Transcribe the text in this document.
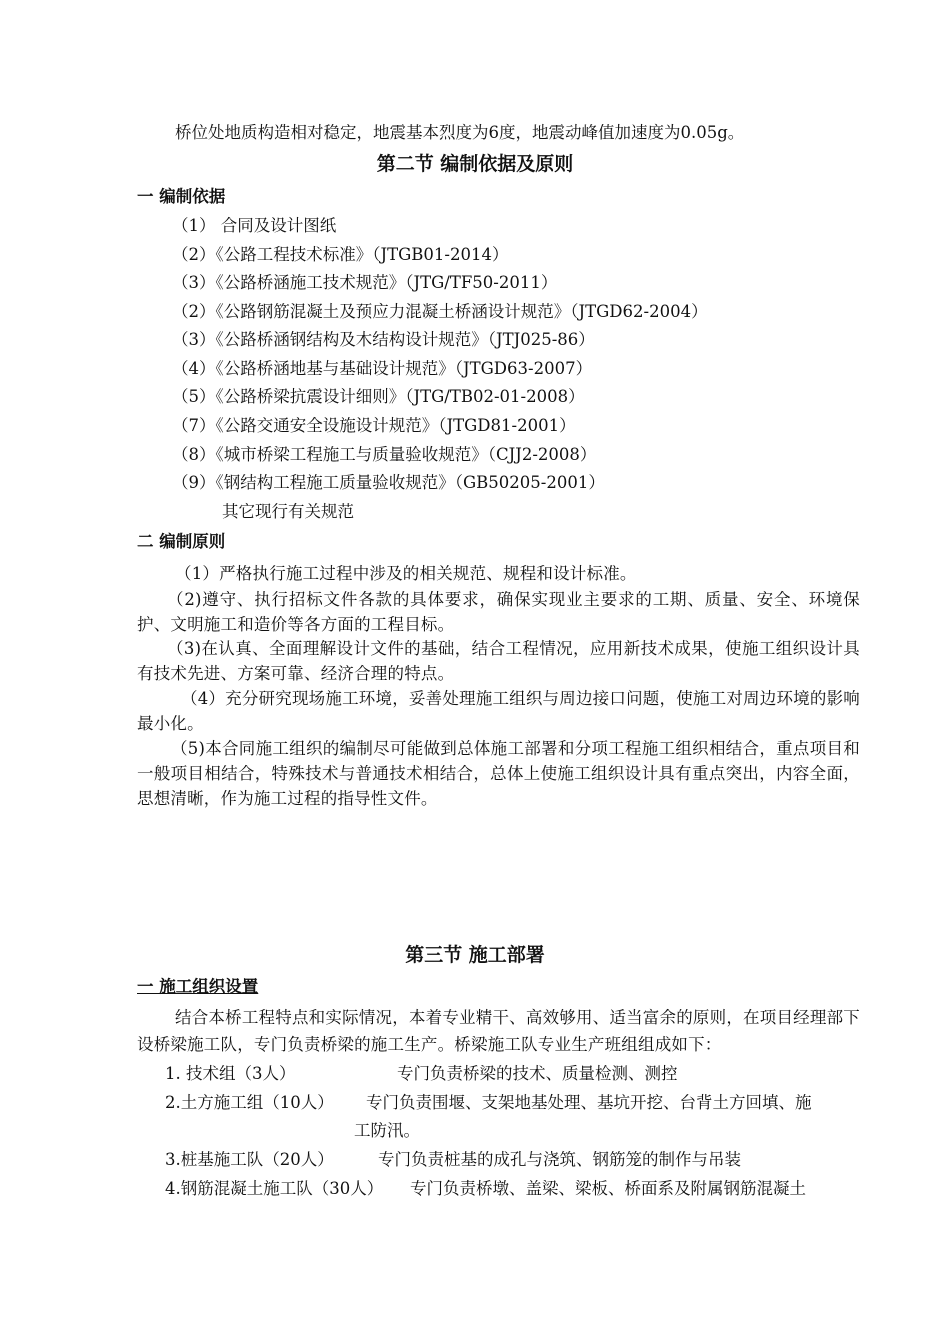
桥位处地质构造相对稳定，地震基本烈度为6度，地震动峰值加速度为0.05g。
第二节 编制依据及原则
一 编制依据
（1） 合同及设计图纸
（2）《公路工程技术标准》（JTGB01-2014）
（3）《公路桥涵施工技术规范》（JTG/TF50-2011）
（2）《公路钢筋混凝土及预应力混凝土桥涵设计规范》（JTGD62-2004）
（3）《公路桥涵钢结构及木结构设计规范》（JTJ025-86）
（4）《公路桥涵地基与基础设计规范》（JTGD63-2007）
（5）《公路桥梁抗震设计细则》（JTG/TB02-01-2008）
（7）《公路交通安全设施设计规范》（JTGD81-2001）
（8）《城市桥梁工程施工与质量验收规范》（CJJ2-2008）
（9）《钢结构工程施工质量验收规范》（GB50205-2001）
其它现行有关规范
二 编制原则
（1）严格执行施工过程中涉及的相关规范、规程和设计标准。
（2)遵守、执行招标文件各款的具体要求，确保实现业主要求的工期、质量、安全、环境保护、文明施工和造价等各方面的工程目标。
（3)在认真、全面理解设计文件的基础，结合工程情况，应用新技术成果，使施工组织设计具有技术先进、方案可靠、经济合理的特点。
（4）充分研究现场施工环境，妥善处理施工组织与周边接口问题，使施工对周边环境的影响最小化。
（5)本合同施工组织的编制尽可能做到总体施工部署和分项工程施工组织相结合，重点项目和一般项目相结合，特殊技术与普通技术相结合，总体上使施工组织设计具有重点突出，内容全面，思想清晰，作为施工过程的指导性文件。
第三节 施工部署
一 施工组织设置
结合本桥工程特点和实际情况，本着专业精干、高效够用、适当富余的原则，在项目经理部下设桥梁施工队，专门负责桥梁的施工生产。桥梁施工队专业生产班组组成如下：
1. 技术组（3人）	专门负责桥梁的技术、质量检测、测控
2.土方施工组（10人） 专门负责围堰、支架地基处理、基坑开挖、台背土方回填、施
工防汛。
3.桩基施工队（20人）	专门负责桩基的成孔与浇筑、钢筋笼的制作与吊装
4.钢筋混凝土施工队（30人） 专门负责桥墩、盖梁、梁板、桥面系及附属钢筋混凝土
